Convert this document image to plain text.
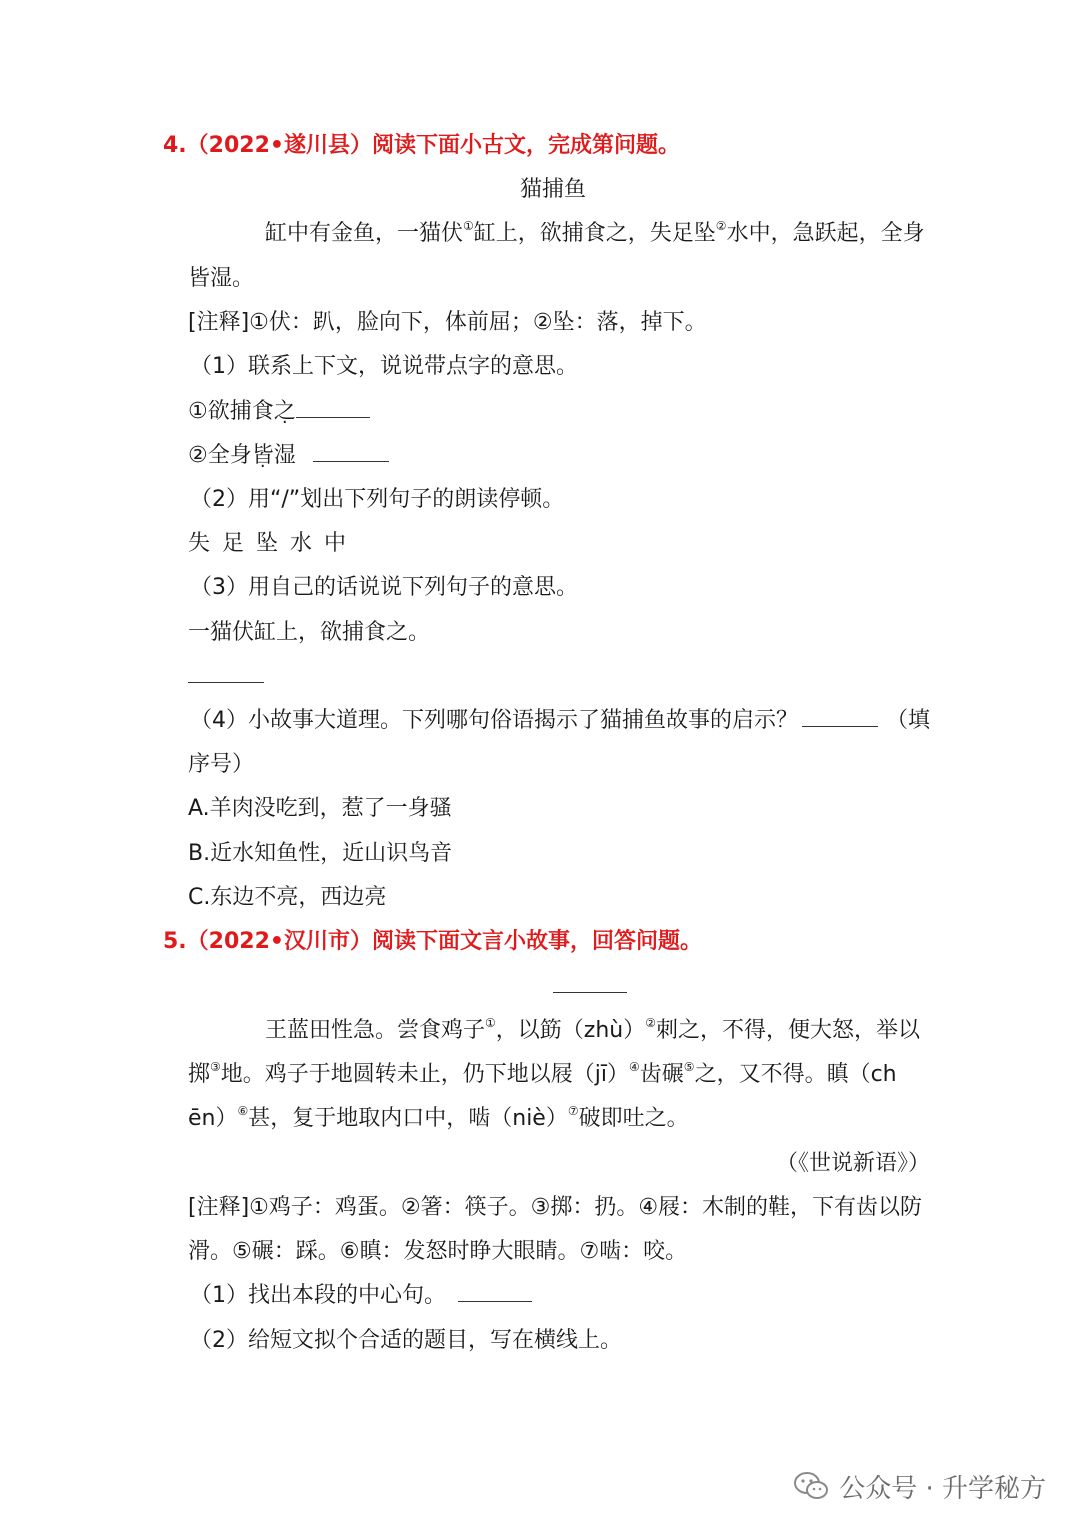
4.（2022•遂川县）阅读下面小古文，完成第问题。
猫捕鱼
缸中有金鱼，一猫伏①缸上，欲捕食之，失足坠②水中，急跃起，全身
皆湿。
[注释]①伏：趴，脸向下，体前屈；②坠：落，掉下。
（1）联系上下文，说说带点字的意思。
①欲捕食之
②全身皆湿
（2）用“/”划出下列句子的朗读停顿。
失足坠水中
（3）用自己的话说说下列句子的意思。
一猫伏缸上，欲捕食之。
（4）小故事大道理。下列哪句俗语揭示了猫捕鱼故事的启示？	（填
序号）
A.羊肉没吃到，惹了一身骚
B.近水知鱼性，近山识鸟音
C.东边不亮，西边亮
5.（2022•汉川市）阅读下面文言小故事，回答问题。
王蓝田性急。尝食鸡子①，以筯（zhù）②刺之，不得，便大怒，举以
掷③地。鸡子于地圆转未止，仍下地以屐（jī）④齿碾⑤之，又不得。瞋（ch
ēn）⑥甚，复于地取内口中，啮（niè）⑦破即吐之。
（《世说新语》）
[注释]①鸡子：鸡蛋。②箸：筷子。③掷：扔。④屐：木制的鞋，下有齿以防
滑。⑤碾：踩。⑥瞋：发怒时睁大眼睛。⑦啮：咬。
（1）找出本段的中心句。
（2）给短文拟个合适的题目，写在横线上。
公众号 · 升学秘方
